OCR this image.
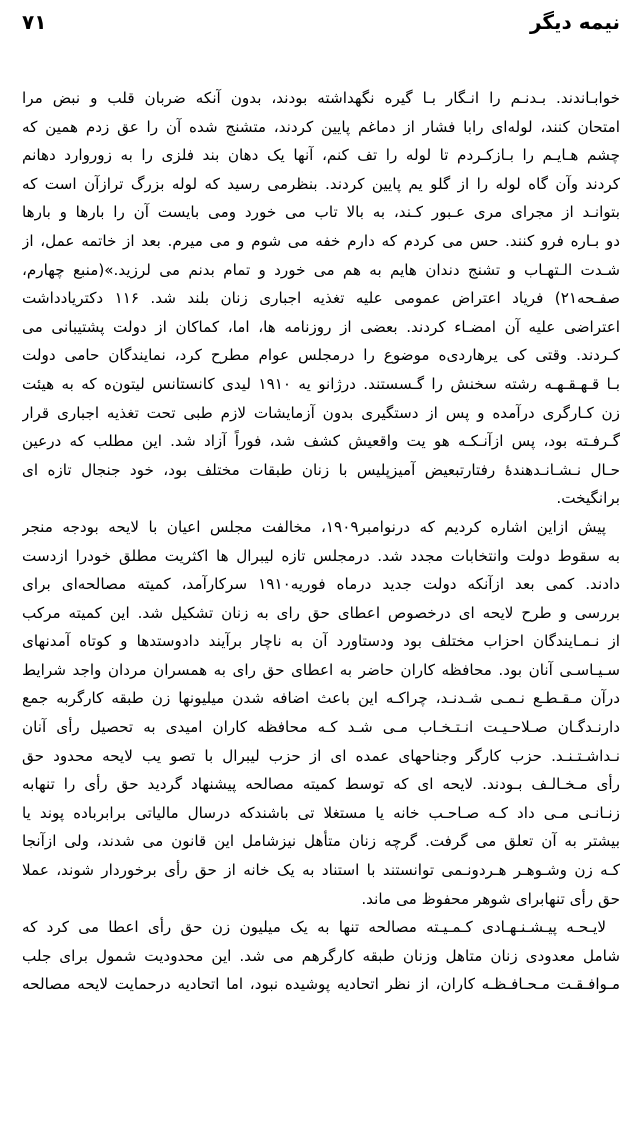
نیمه دیگر
۷۱
خوابـاندند. بـدنـم را انـگار بـا گیره نگهداشته بودند، بدون آنکه ضربان قلب و نبض مرا
امتحان کنند، لوله‌ای رابا فشار از دماغم پایین کردند، متشنج شده آن را عق زدم همین که
چشم هـایـم را بـازکـردم تا لوله را تف کنم، آنها یک دهان بند فلزی را به زوروارد دهانم
کردند وآن گاه لوله را از گلو یم پایین کردند. بنظرمی رسید که لوله بزرگ ترازآن است که
بتوانـد از مجرای مری عـبور کـند، به بالا تاب می خورد ومی بایست آن را بارها و بارها
دو بـاره فرو کنند. حس می کردم که دارم خفه می شوم و می میرم. بعد از خاتمه عمل، از
شـدت الـتهـاب و تشنج دندان هایم به هم می خورد و تمام بدنم می لرزید.»(منبع چهارم،
صفـحه۲۱) فریاد اعتراض عمومی علیه تغذیه اجباری زنان بلند شد. ۱۱۶ دکتریادداشت
اعتراضی علیه آن امضـاء کردند. بعضی از روزنامه ها، اما، کماکان از دولت پشتیبانی می
کـردند. وقتی کی یرهاردی‌ه موضوع را درمجلس عوام مطرح کرد، نمایندگان حامی دولت
بـا قـهـقـهـه رشته سخنش را گـسستند. درژانو یه ۱۹۱۰ لیدی کانستانس لیتون‌ه که به هیئت
زن کـارگری درآمده و پس از دستگیری بدون آزمایشات لازم طبی تحت تغذیه اجباری قرار
گـرفـته بود، پس ازآنـکـه هو یت واقعیش کشف شد، فوراً آزاد شد. این مطلب که درعین
حـال نـشـانـدهندهٔ رفتارتبعیض آمیزپلیس با زنان طبقات مختلف بود، خود جنجال تازه ای
برانگیخت.
پیش ازاین اشاره کردیم که درنوامبر۱۹۰۹، مخالفت مجلس اعیان با لایحه بودجه منجر
به سقوط دولت وانتخابات مجدد شد. درمجلس تازه لیبرال ها اکثریت مطلق خودرا ازدست
دادند. کمی بعد ازآنکه دولت جدید درماه فوریه۱۹۱۰ سرکارآمد، کمیته مصالحه‌ای برای
بررسی و طرح لایحه ای درخصوص اعطای حق رای به زنان تشکیل شد. این کمیته مرکب
از نـمـایندگان احزاب مختلف بود ودستاورد آن به ناچار برآیند دادوستدها و کوتاه آمدنهای
سـیـاسـی آنان بود. محافظه کاران حاضر به اعطای حق رای به همسران مردان واجد شرایط
درآن مـقـطـع نـمـی شـدنـد، چراکـه این باعث اضافه شدن میلیونها زن طبقه کارگربه جمع
دارنـدگـان صـلاحـیـت انـتـخـاب مـی شـد کـه محافظه کاران امیدی به تحصیل رأی آنان
نـداشـتـنـد. حزب کارگر وجناحهای عمده ای از حزب لیبرال با تصو یب لایحه محدود حق
رأی مـخـالـف بـودند. لایحه ای که توسط کمیته مصالحه پیشنهاد گردید حق رأی را تنهابه
زنـانـی مـی داد کـه صـاحـب خانه یا مستغلا تی باشند‌که درسال مالیاتی برابرباده پوند یا
بیشتر به آن تعلق می گرفت. گرچه زنان متأهل نیزشامل این قانون می شدند، ولی ازآنجا
کـه زن وشـوهـر هـردونـمی توانستند با استناد به یک خانه از حق رأی برخوردار شوند، عملا
حق رأی تنهابرای شوهر محفوظ می ماند.
لایـحـه پیـشـنـهـادی کـمـیـته مصالحه تنها به یک میلیون زن حق رأی اعطا می کرد که
شامل معدودی زنان متاهل وزنان طبقه کارگرهم می شد. این محدودیت شمول برای جلب
مـوافـقـت مـحـافـظـه کاران، از نظر اتحادیه پوشیده نبود، اما اتحادیه درحمایت لایحه مصالحه
